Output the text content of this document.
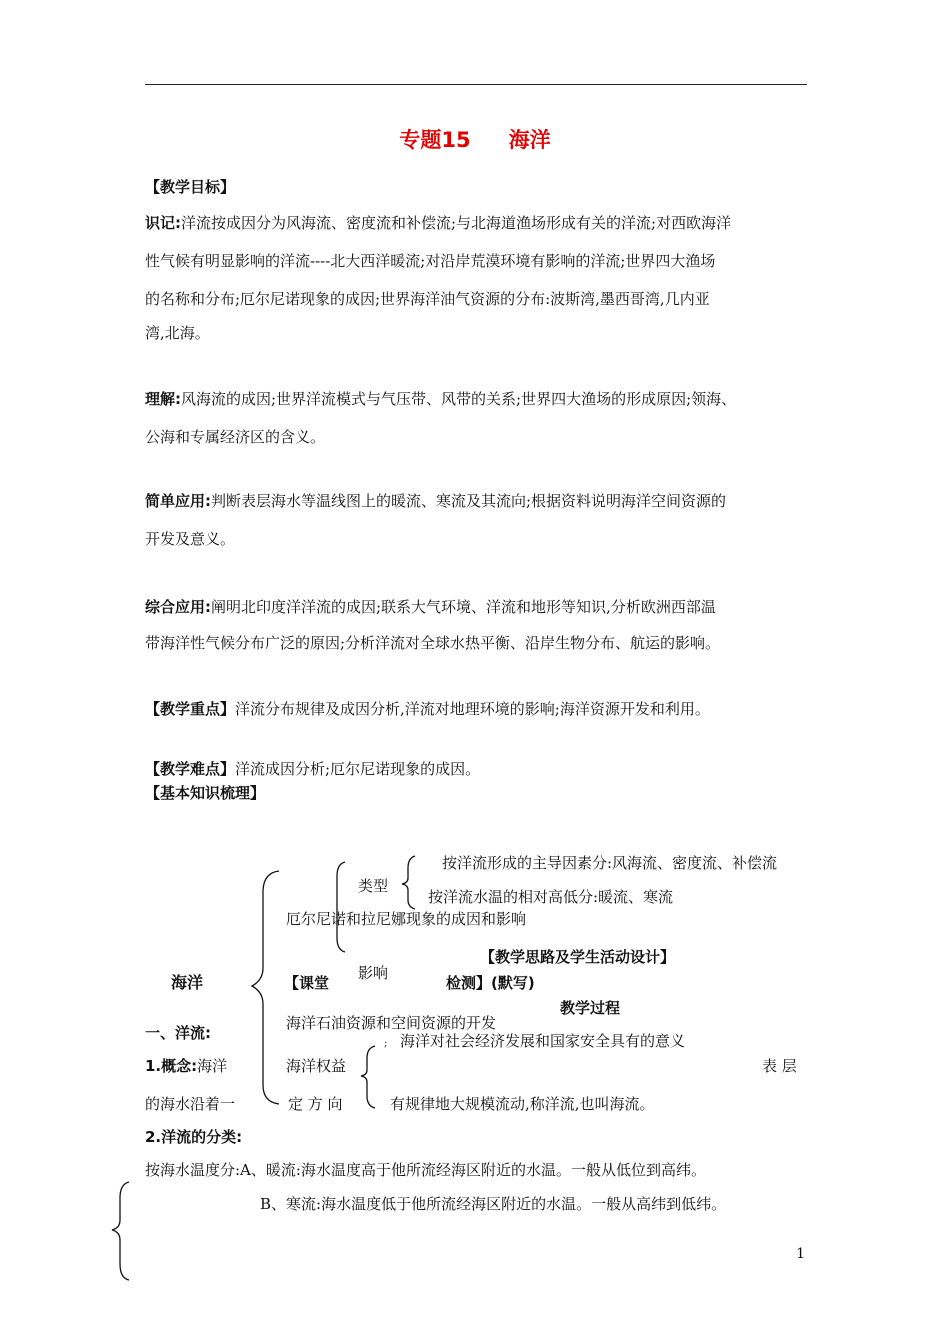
专题15 海洋
【教学目标】
识记:洋流按成因分为风海流、密度流和补偿流;与北海道渔场形成有关的洋流;对西欧海洋
性气候有明显影响的洋流----北大西洋暖流;对沿岸荒漠环境有影响的洋流;世界四大渔场
的名称和分布;厄尔尼诺现象的成因;世界海洋油气资源的分布:波斯湾,墨西哥湾,几内亚
湾,北海。
理解:风海流的成因;世界洋流模式与气压带、风带的关系;世界四大渔场的形成原因;领海、
公海和专属经济区的含义。
简单应用:判断表层海水等温线图上的暖流、寒流及其流向;根据资料说明海洋空间资源的
开发及意义。
综合应用:阐明北印度洋洋流的成因;联系大气环境、洋流和地形等知识,分析欧洲西部温
带海洋性气候分布广泛的原因;分析洋流对全球水热平衡、沿岸生物分布、航运的影响。
【教学重点】洋流分布规律及成因分析,洋流对地理环境的影响;海洋资源开发和利用。
【教学难点】洋流成因分析;厄尔尼诺现象的成因。
【基本知识梳理】
按洋流形成的主导因素分:风海流、密度流、补偿流
类型
按洋流水温的相对高低分:暖流、寒流
厄尔尼诺和拉尼娜现象的成因和影响
【教学思路及学生活动设计】
影响
海洋	【课堂	检测】(默写)
教学过程
海洋石油资源和空间资源的开发
一、洋流:	海洋对社会经济发展和国家安全具有的意义
;
1.概念:海洋	海洋权益	表 层
的海水沿着一	定 方 向	有规律地大规模流动,称洋流,也叫海流。
2.洋流的分类:
按海水温度分:A、暖流:海水温度高于他所流经海区附近的水温。一般从低位到高纬。
B、寒流:海水温度低于他所流经海区附近的水温。一般从高纬到低纬。
1
